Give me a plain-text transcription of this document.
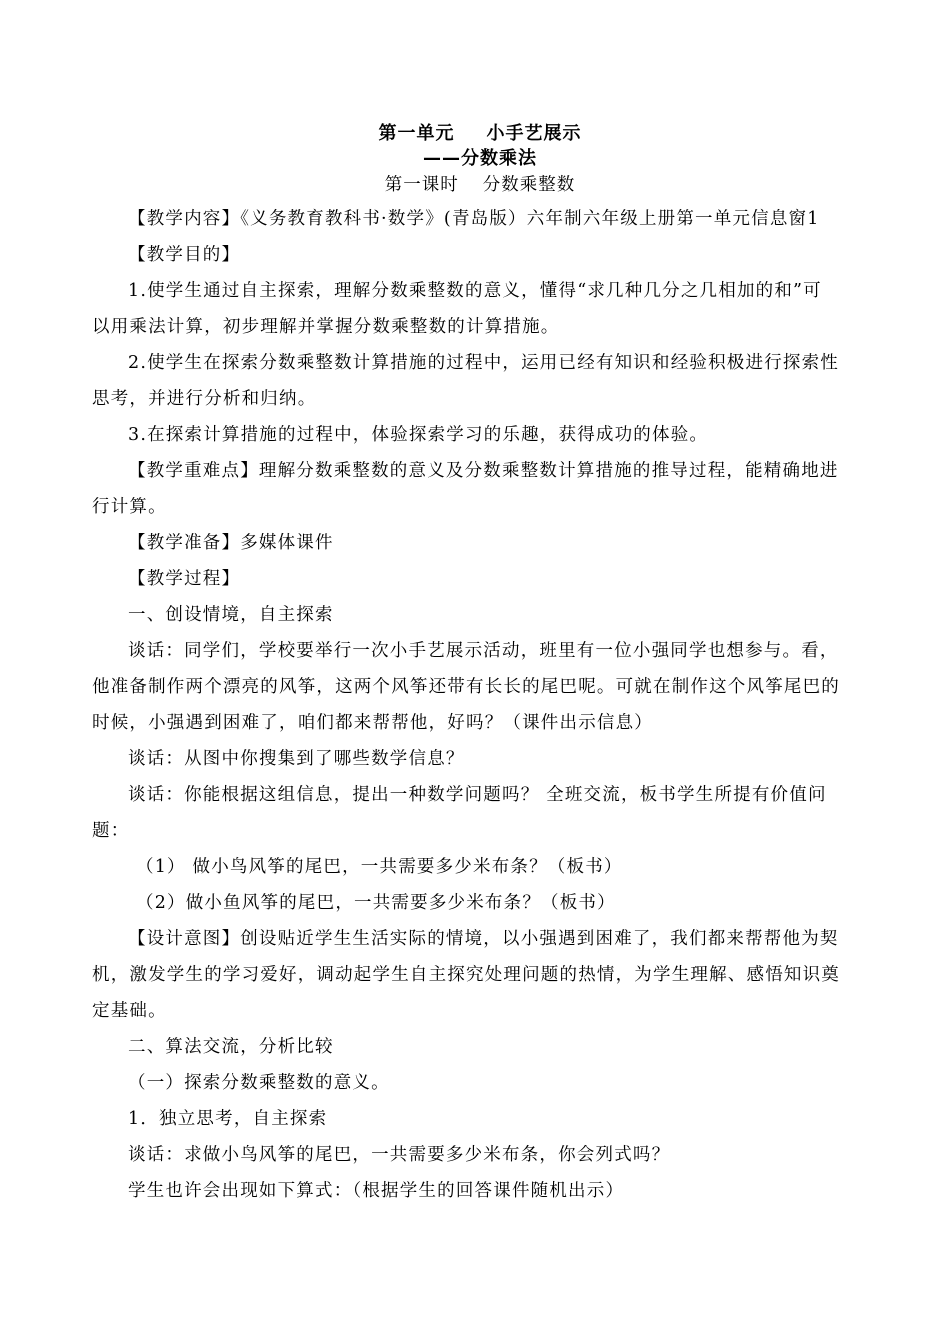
第一单元 小手艺展示
——分数乘法
第一课时 分数乘整数

【教学内容】《义务教育教科书·数学》(青岛版）六年制六年级上册第一单元信息窗1

【教学目的】

1.使学生通过自主探索，理解分数乘整数的意义，懂得“求几种几分之几相加的和”可

以用乘法计算，初步理解并掌握分数乘整数的计算措施。

2.使学生在探索分数乘整数计算措施的过程中，运用已经有知识和经验积极进行探索性

思考，并进行分析和归纳。

3.在探索计算措施的过程中，体验探索学习的乐趣，获得成功的体验。

【教学重难点】理解分数乘整数的意义及分数乘整数计算措施的推导过程，能精确地进

行计算。

【教学准备】多媒体课件

【教学过程】

一、创设情境，自主探索

谈话：同学们，学校要举行一次小手艺展示活动，班里有一位小强同学也想参与。看，

他准备制作两个漂亮的风筝，这两个风筝还带有长长的尾巴呢。可就在制作这个风筝尾巴的

时候，小强遇到困难了，咱们都来帮帮他，好吗？（课件出示信息）

谈话：从图中你搜集到了哪些数学信息？

谈话：你能根据这组信息，提出一种数学问题吗？ 全班交流，板书学生所提有价值问

题：

（1） 做小鸟风筝的尾巴，一共需要多少米布条？（板书）

（2）做小鱼风筝的尾巴，一共需要多少米布条？（板书）

【设计意图】创设贴近学生生活实际的情境，以小强遇到困难了，我们都来帮帮他为契

机，激发学生的学习爱好，调动起学生自主探究处理问题的热情，为学生理解、感悟知识奠

定基础。

二、算法交流，分析比较

（一）探索分数乘整数的意义。

1．独立思考，自主探索

谈话：求做小鸟风筝的尾巴，一共需要多少米布条，你会列式吗？

学生也许会出现如下算式：（根据学生的回答课件随机出示）
